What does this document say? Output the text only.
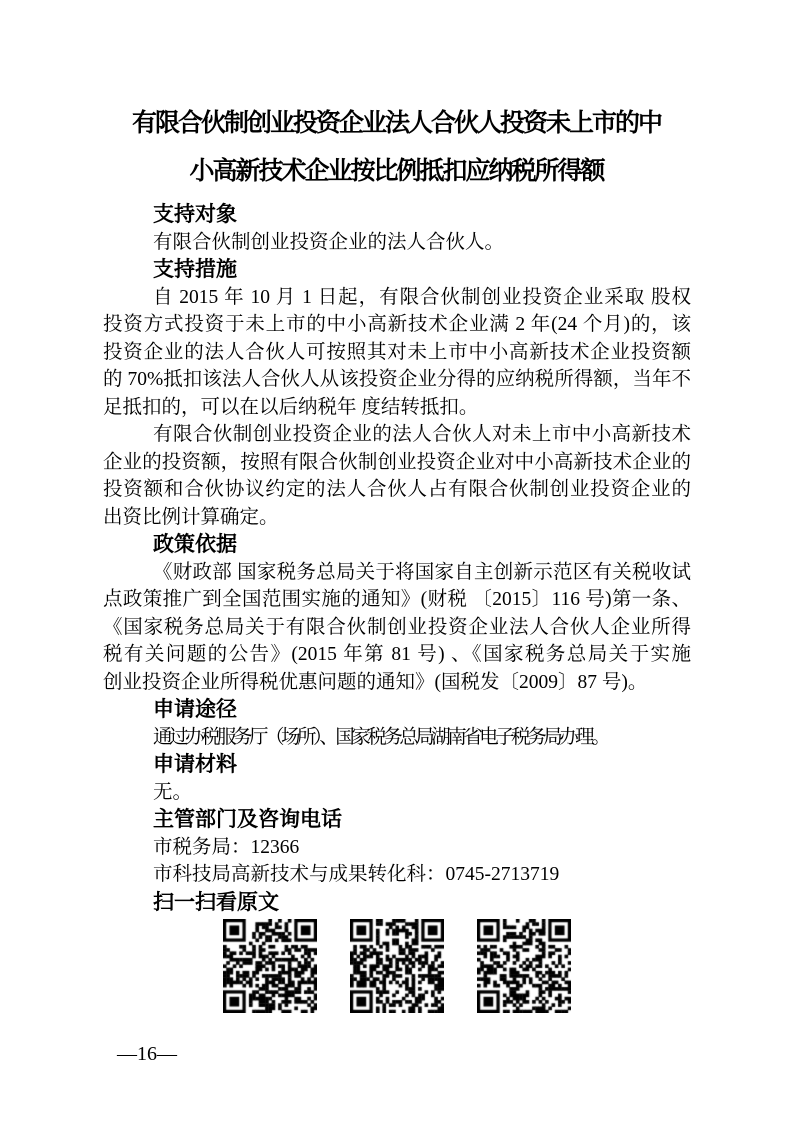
有限合伙制创业投资企业法人合伙人投资未上市的中
小高新技术企业按比例抵扣应纳税所得额
支持对象
有限合伙制创业投资企业的法人合伙人。
支持措施
自 2015 年 10 月 1 日起，有限合伙制创业投资企业采取 股权
投资方式投资于未上市的中小高新技术企业满 2 年(24 个月)的，该
投资企业的法人合伙人可按照其对未上市中小高新技术企业投资额
的 70%抵扣该法人合伙人从该投资企业分得的应纳税所得额，当年不
足抵扣的，可以在以后纳税年 度结转抵扣。
有限合伙制创业投资企业的法人合伙人对未上市中小高新技术
企业的投资额，按照有限合伙制创业投资企业对中小高新技术企业的
投资额和合伙协议约定的法人合伙人占有限合伙制创业投资企业的
出资比例计算确定。
政策依据
《财政部 国家税务总局关于将国家自主创新示范区有关税收试
点政策推广到全国范围实施的通知》(财税 〔2015〕116 号)第一条、
《国家税务总局关于有限合伙制创业投资企业法人合伙人企业所得
税有关问题的公告》(2015 年第 81 号) 、《国家税务总局关于实施
创业投资企业所得税优惠问题的通知》(国税发〔2009〕87 号)。
申请途径
通过办税服务厅（场所）、国家税务总局湖南省电子税务局办理。
申请材料
无。
主管部门及咨询电话
市税务局：12366
市科技局高新技术与成果转化科：0745-2713719
扫一扫看原文
—16—
